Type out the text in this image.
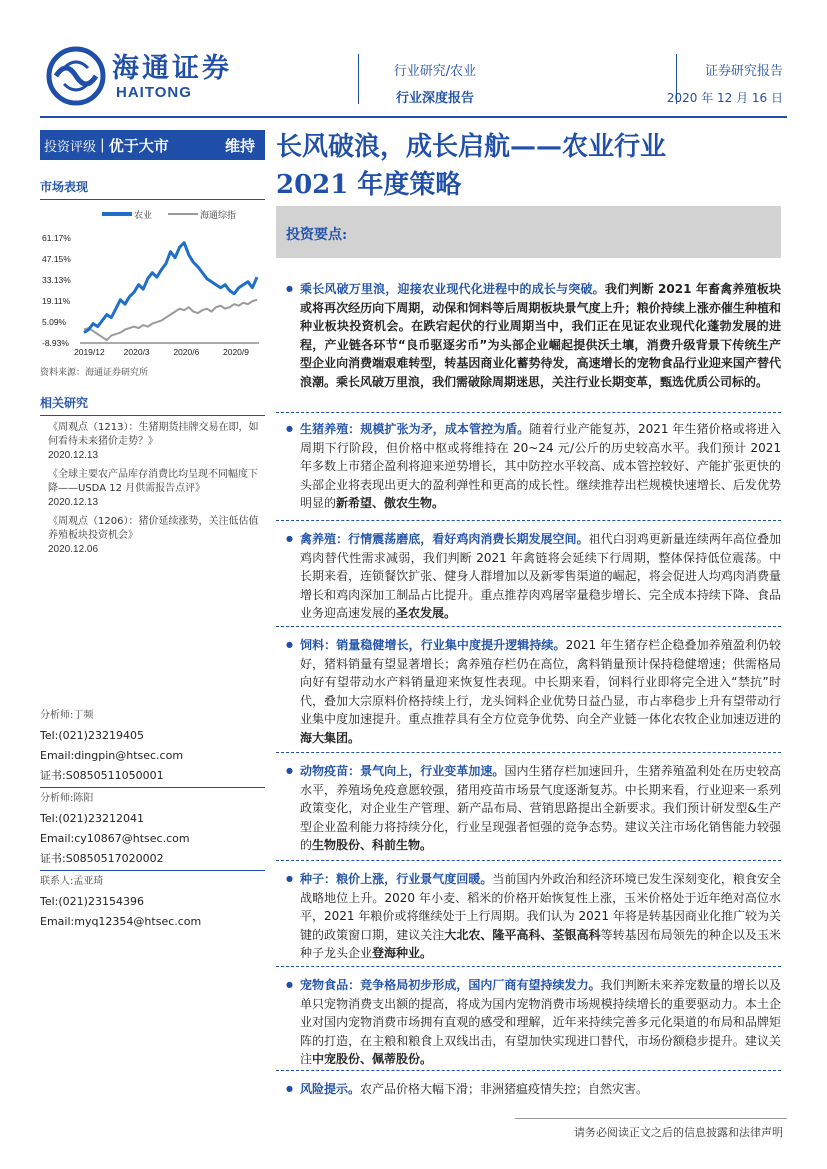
海通证券
HAITONG
行业研究/农业
行业深度报告
证券研究报告
2020 年 12 月 16 日
投资评级 | 优于大市	维持
市场表现
农业	海通综指
61.17%
47.15%
33.13%
19.11%
5.09%
-8.93%
2019/12 2020/3	2020/6	2020/9
资料来源：海通证券研究所
相关研究
《周观点（1213）：生猪期货挂牌交易在即，如何看待未来猪价走势？》
2020.12.13
《全球主要农产品库存消费比均呈现不同幅度下降——USDA 12 月供需报告点评》
2020.12.13
《周观点（1206）：猪价延续涨势，关注低估值养殖板块投资机会》
2020.12.06
分析师:丁频
Tel:(021)23219405
Email:dingpin@htsec.com
证书:S0850511050001
分析师:陈阳
Tel:(021)23212041
Email:cy10867@htsec.com
证书:S0850517020002
联系人:孟亚琦
Tel:(021)23154396
Email:myq12354@htsec.com
长风破浪，成长启航——农业行业
2021 年度策略
投资要点:
● 乘长风破万里浪，迎接农业现代化进程中的成长与突破。我们判断 2021 年畜禽养殖板块或将再次经历向下周期，动保和饲料等后周期板块景气度上升；粮价持续上涨亦催生种植和种业板块投资机会。在跌宕起伏的行业周期当中，我们正在见证农业现代化蓬勃发展的进程，产业链各环节“良币驱逐劣币”为头部企业崛起提供沃土壤，消费升级背景下传统生产型企业向消费端艰难转型，转基因商业化蓄势待发，高速增长的宠物食品行业迎来国产替代浪潮。乘长风破万里浪，我们需破除周期迷思，关注行业长期变革，甄选优质公司标的。
● 生猪养殖：规模扩张为矛，成本管控为盾。随着行业产能复苏，2021 年生猪价格或将进入周期下行阶段，但价格中枢或将维持在 20~24 元/公斤的历史较高水平。我们预计 2021 年多数上市猪企盈利将迎来逆势增长，其中防控水平较高、成本管控较好、产能扩张更快的头部企业将表现出更大的盈利弹性和更高的成长性。继续推荐出栏规模快速增长、后发优势明显的新希望、傲农生物。
● 禽养殖：行情震荡磨底，看好鸡肉消费长期发展空间。祖代白羽鸡更新量连续两年高位叠加鸡肉替代性需求减弱，我们判断 2021 年禽链将会延续下行周期，整体保持低位震荡。中长期来看，连锁餐饮扩张、健身人群增加以及新零售渠道的崛起，将会促进人均鸡肉消费量增长和鸡肉深加工制品占比提升。重点推荐肉鸡屠宰量稳步增长、完全成本持续下降、食品业务迎高速发展的圣农发展。
● 饲料：销量稳健增长，行业集中度提升逻辑持续。2021 年生猪存栏企稳叠加养殖盈利仍较好，猪料销量有望显著增长；禽养殖存栏仍在高位，禽料销量预计保持稳健增速；供需格局向好有望带动水产料销量迎来恢复性表现。中长期来看，饲料行业即将完全进入“禁抗”时代，叠加大宗原料价格持续上行，龙头饲料企业优势日益凸显，市占率稳步上升有望带动行业集中度加速提升。重点推荐具有全方位竞争优势、向全产业链一体化农牧企业加速迈进的海大集团。
● 动物疫苗：景气向上，行业变革加速。国内生猪存栏加速回升，生猪养殖盈利处在历史较高水平，养殖场免疫意愿较强，猪用疫苗市场景气度逐渐复苏。中长期来看，行业迎来一系列政策变化，对企业生产管理、新产品布局、营销思路提出全新要求。我们预计研发型&生产型企业盈利能力将持续分化，行业呈现强者恒强的竞争态势。建议关注市场化销售能力较强的生物股份、科前生物。
● 种子：粮价上涨，行业景气度回暖。当前国内外政治和经济环境已发生深刻变化，粮食安全战略地位上升。2020 年小麦、稻米的价格开始恢复性上涨，玉米价格处于近年绝对高位水平，2021 年粮价或将继续处于上行周期。我们认为 2021 年将是转基因商业化推广较为关键的政策窗口期，建议关注大北农、隆平高科、荃银高科等转基因布局领先的种企以及玉米种子龙头企业登海种业。
● 宠物食品：竞争格局初步形成，国内厂商有望持续发力。我们判断未来养宠数量的增长以及单只宠物消费支出额的提高，将成为国内宠物消费市场规模持续增长的重要驱动力。本土企业对国内宠物消费市场拥有直观的感受和理解，近年来持续完善多元化渠道的布局和品牌矩阵的打造，在主粮和粮食上双线出击，有望加快实现进口替代，市场份额稳步提升。建议关注中宠股份、佩蒂股份。
● 风险提示。农产品价格大幅下滑；非洲猪瘟疫情失控；自然灾害。
请务必阅读正文之后的信息披露和法律声明
